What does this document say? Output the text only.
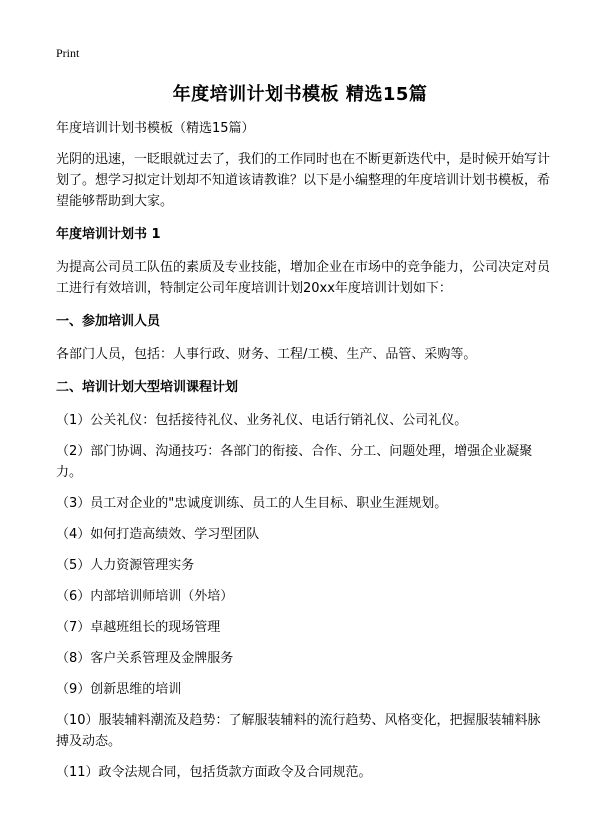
Print
年度培训计划书模板 精选15篇

年度培训计划书模板（精选15篇）

光阴的迅速，一眨眼就过去了，我们的工作同时也在不断更新迭代中，是时候开始写计划了。想学习拟定计划却不知道该请教谁？以下是小编整理的年度培训计划书模板，希望能够帮助到大家。

年度培训计划书 1

为提高公司员工队伍的素质及专业技能，增加企业在市场中的竞争能力，公司决定对员工进行有效培训，特制定公司年度培训计划20xx年度培训计划如下：

一、参加培训人员

各部门人员，包括：人事行政、财务、工程/工模、生产、品管、采购等。

二、培训计划大型培训课程计划

（1）公关礼仪：包括接待礼仪、业务礼仪、电话行销礼仪、公司礼仪。

（2）部门协调、沟通技巧：各部门的衔接、合作、分工、问题处理，增强企业凝聚力。

（3）员工对企业的"忠诚度训练、员工的人生目标、职业生涯规划。

（4）如何打造高绩效、学习型团队

（5）人力资源管理实务

（6）内部培训师培训（外培）

（7）卓越班组长的现场管理

（8）客户关系管理及金牌服务

（9）创新思维的培训

（10）服装辅料潮流及趋势：了解服装辅料的流行趋势、风格变化，把握服装辅料脉搏及动态。

（11）政令法规合同，包括货款方面政令及合同规范。
